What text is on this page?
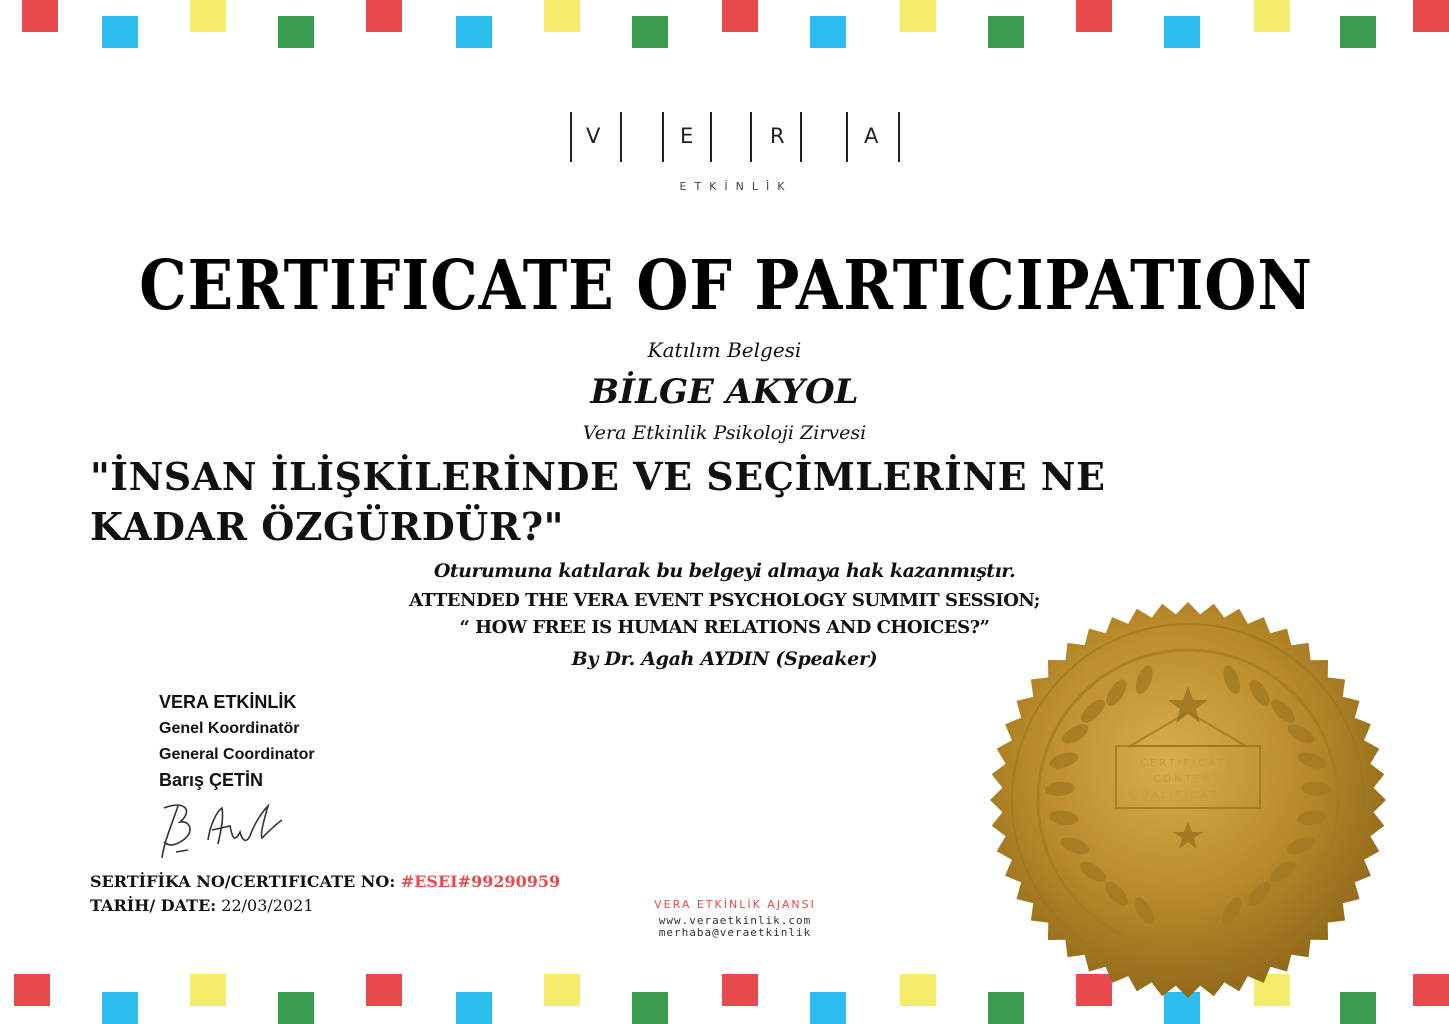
V	E	R	A
ETKİNLİK
CERTIFICATE OF PARTICIPATION
Katılım Belgesi
BİLGE AKYOL
Vera Etkinlik Psikoloji Zirvesi
"İNSAN İLİŞKİLERİNDE VE SEÇİMLERİNE NE KADAR ÖZGÜRDÜR?"
Oturumuna katılarak bu belgeyi almaya hak kazanmıştır.
ATTENDED THE VERA EVENT PSYCHOLOGY SUMMIT SESSION;
“ HOW FREE IS HUMAN RELATIONS AND CHOICES?”
By Dr. Agah AYDIN (Speaker)
VERA ETKİNLİK
Genel Koordinatör
General Coordinator
Barış ÇETİN
SERTİFİKA NO/CERTIFICATE NO: #ESEI#99290959
TARİH/ DATE: 22/03/2021	VERA ETKİNLİK AJANSI
www.veraetkinlik.com
merhaba@veraetkinlik
CERTIFICATE
CONTENT
QUALIFICATION
